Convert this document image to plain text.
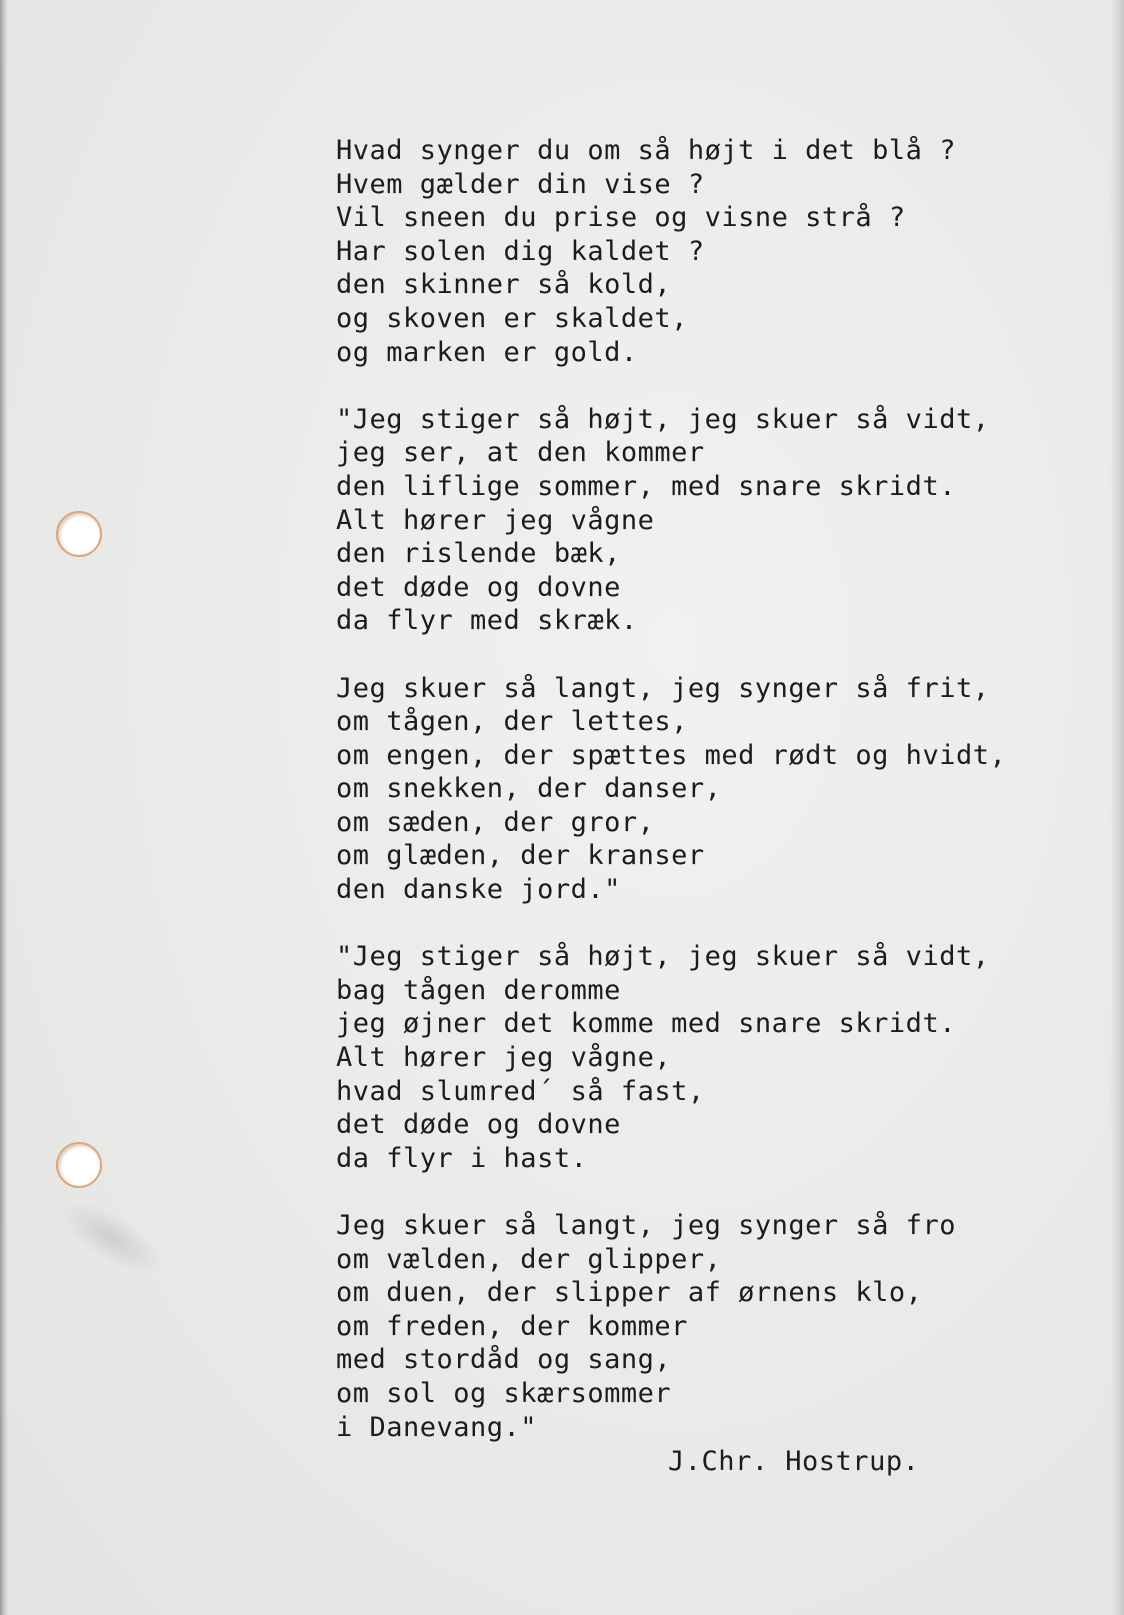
Hvad synger du om så højt i det blå ?
Hvem gælder din vise ?
Vil sneen du prise og visne strå ?
Har solen dig kaldet ?
den skinner så kold,
og skoven er skaldet,
og marken er gold.
"Jeg stiger så højt, jeg skuer så vidt,
jeg ser, at den kommer
den liflige sommer, med snare skridt.
Alt hører jeg vågne
den rislende bæk,
det døde og dovne
da flyr med skræk.
Jeg skuer så langt, jeg synger så frit,
om tågen, der lettes,
om engen, der spættes med rødt og hvidt,
om snekken, der danser,
om sæden, der gror,
om glæden, der kranser
den danske jord."
"Jeg stiger så højt, jeg skuer så vidt,
bag tågen deromme
jeg øjner det komme med snare skridt.
Alt hører jeg vågne,
hvad slumred´ så fast,
det døde og dovne
da flyr i hast.
Jeg skuer så langt, jeg synger så fro
om vælden, der glipper,
om duen, der slipper af ørnens klo,
om freden, der kommer
med stordåd og sang,
om sol og skærsommer
i Danevang."
J.Chr. Hostrup.
